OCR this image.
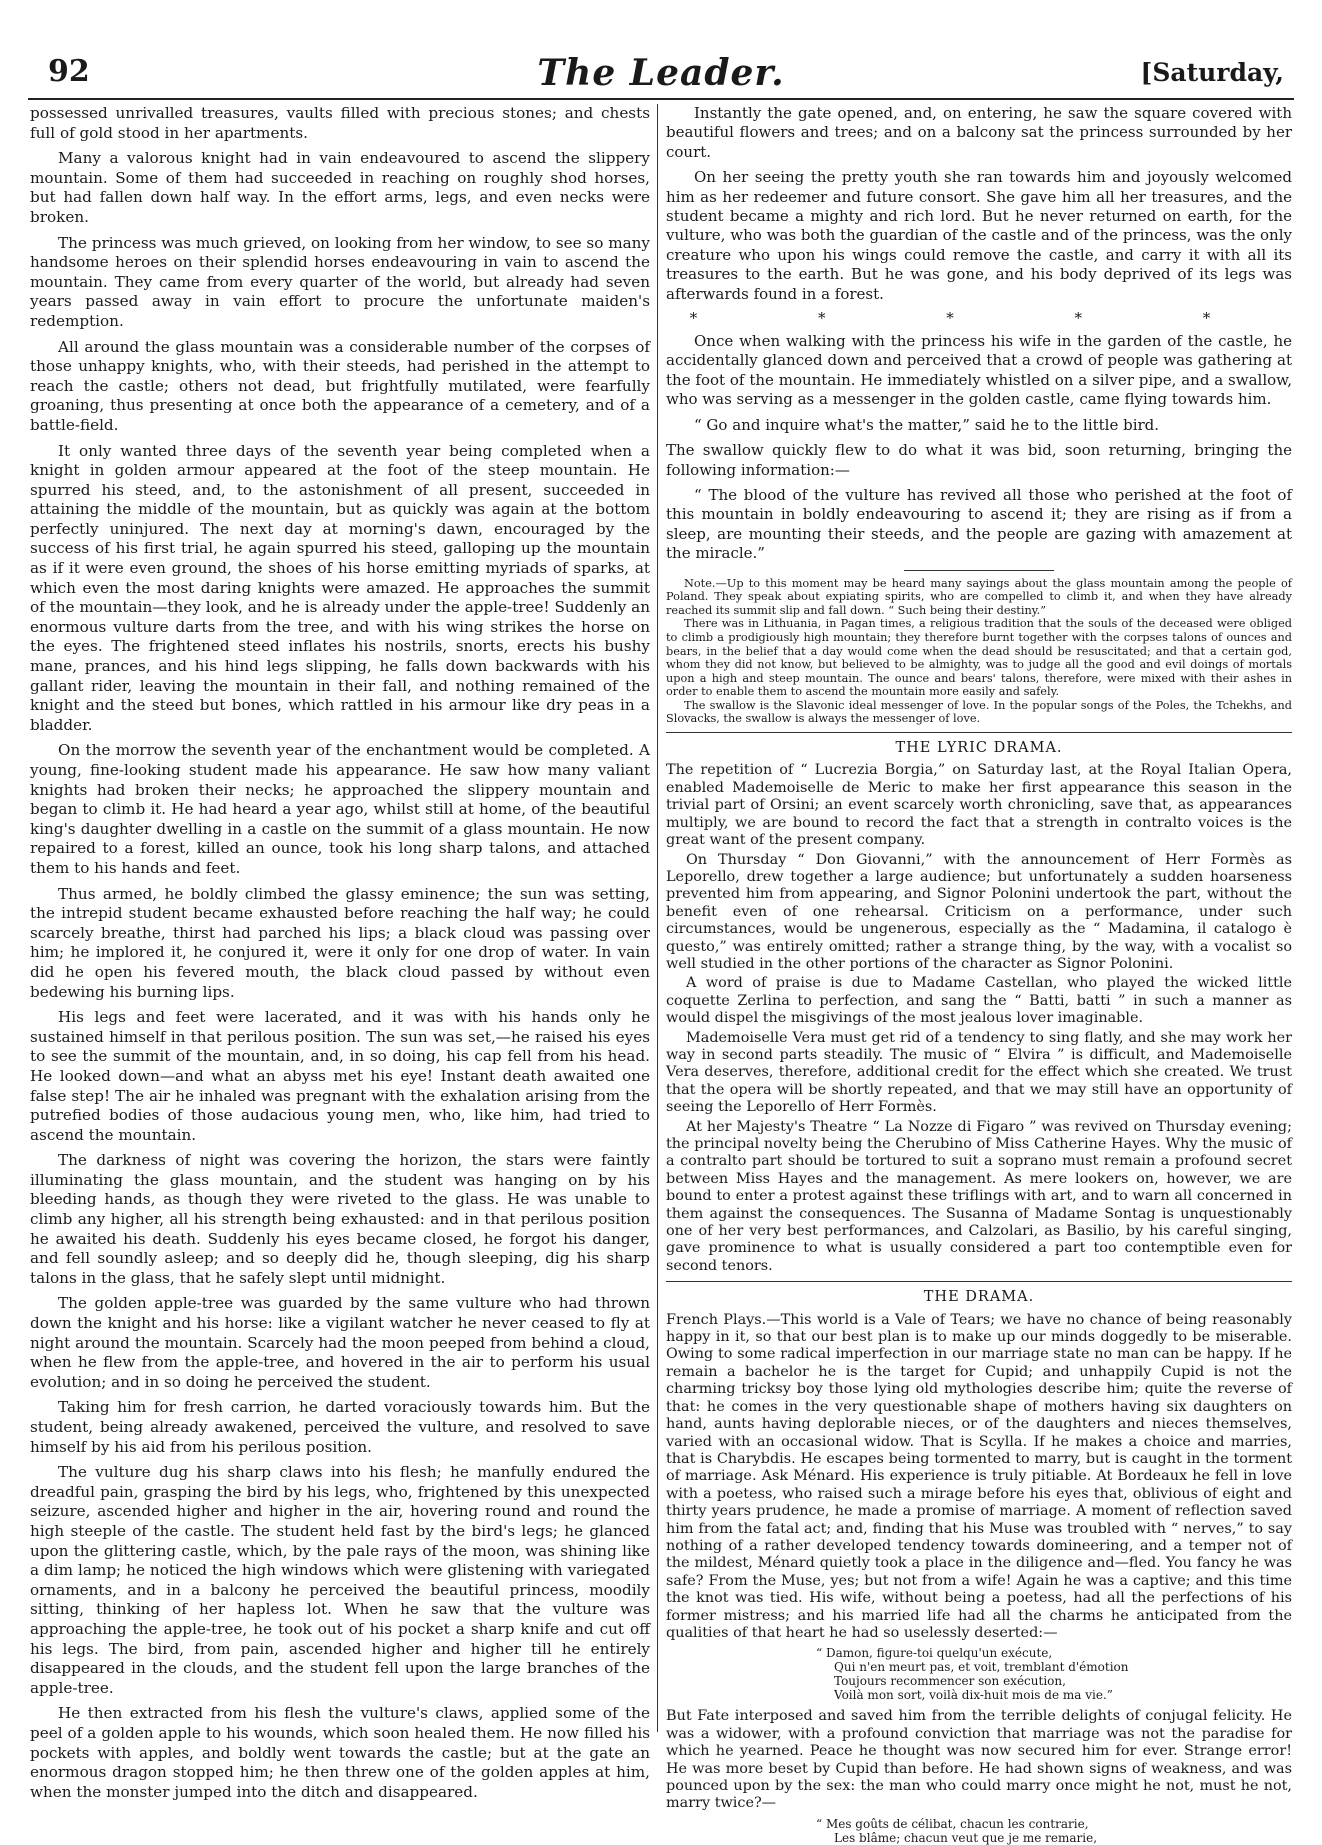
92	The Leader.	[Saturday,

possessed unrivalled treasures, vaults filled with precious stones; and chests full of gold stood in her apartments.

Many a valorous knight had in vain endeavoured to ascend the slippery mountain. Some of them had succeeded in reaching on roughly shod horses, but had fallen down half way. In the effort arms, legs, and even necks were broken.

The princess was much grieved, on looking from her window, to see so many handsome heroes on their splendid horses endeavouring in vain to ascend the mountain. They came from every quarter of the world, but already had seven years passed away in vain effort to procure the unfortunate maiden's redemption.

All around the glass mountain was a considerable number of the corpses of those unhappy knights, who, with their steeds, had perished in the attempt to reach the castle; others not dead, but frightfully mutilated, were fearfully groaning, thus presenting at once both the appearance of a cemetery, and of a battle-field.

It only wanted three days of the seventh year being completed when a knight in golden armour appeared at the foot of the steep mountain. He spurred his steed, and, to the astonishment of all present, succeeded in attaining the middle of the mountain, but as quickly was again at the bottom perfectly uninjured. The next day at morning's dawn, encouraged by the success of his first trial, he again spurred his steed, galloping up the mountain as if it were even ground, the shoes of his horse emitting myriads of sparks, at which even the most daring knights were amazed. He approaches the summit of the mountain—they look, and he is already under the apple-tree! Suddenly an enormous vulture darts from the tree, and with his wing strikes the horse on the eyes. The frightened steed inflates his nostrils, snorts, erects his bushy mane, prances, and his hind legs slipping, he falls down backwards with his gallant rider, leaving the mountain in their fall, and nothing remained of the knight and the steed but bones, which rattled in his armour like dry peas in a bladder.

On the morrow the seventh year of the enchantment would be completed. A young, fine-looking student made his appearance. He saw how many valiant knights had broken their necks; he approached the slippery mountain and began to climb it. He had heard a year ago, whilst still at home, of the beautiful king's daughter dwelling in a castle on the summit of a glass mountain. He now repaired to a forest, killed an ounce, took his long sharp talons, and attached them to his hands and feet.

Thus armed, he boldly climbed the glassy eminence; the sun was setting, the intrepid student became exhausted before reaching the half way; he could scarcely breathe, thirst had parched his lips; a black cloud was passing over him; he implored it, he conjured it, were it only for one drop of water. In vain did he open his fevered mouth, the black cloud passed by without even bedewing his burning lips.

His legs and feet were lacerated, and it was with his hands only he sustained himself in that perilous position. The sun was set,—he raised his eyes to see the summit of the mountain, and, in so doing, his cap fell from his head. He looked down—and what an abyss met his eye! Instant death awaited one false step! The air he inhaled was pregnant with the exhalation arising from the putrefied bodies of those audacious young men, who, like him, had tried to ascend the mountain.

The darkness of night was covering the horizon, the stars were faintly illuminating the glass mountain, and the student was hanging on by his bleeding hands, as though they were riveted to the glass. He was unable to climb any higher, all his strength being exhausted: and in that perilous position he awaited his death. Suddenly his eyes became closed, he forgot his danger, and fell soundly asleep; and so deeply did he, though sleeping, dig his sharp talons in the glass, that he safely slept until midnight.

The golden apple-tree was guarded by the same vulture who had thrown down the knight and his horse: like a vigilant watcher he never ceased to fly at night around the mountain. Scarcely had the moon peeped from behind a cloud, when he flew from the apple-tree, and hovered in the air to perform his usual evolution; and in so doing he perceived the student.

Taking him for fresh carrion, he darted voraciously towards him. But the student, being already awakened, perceived the vulture, and resolved to save himself by his aid from his perilous position.

The vulture dug his sharp claws into his flesh; he manfully endured the dreadful pain, grasping the bird by his legs, who, frightened by this unexpected seizure, ascended higher and higher in the air, hovering round and round the high steeple of the castle. The student held fast by the bird's legs; he glanced upon the glittering castle, which, by the pale rays of the moon, was shining like a dim lamp; he noticed the high windows which were glistening with variegated ornaments, and in a balcony he perceived the beautiful princess, moodily sitting, thinking of her hapless lot. When he saw that the vulture was approaching the apple-tree, he took out of his pocket a sharp knife and cut off his legs. The bird, from pain, ascended higher and higher till he entirely disappeared in the clouds, and the student fell upon the large branches of the apple-tree.

He then extracted from his flesh the vulture's claws, applied some of the peel of a golden apple to his wounds, which soon healed them. He now filled his pockets with apples, and boldly went towards the castle; but at the gate an enormous dragon stopped him; he then threw one of the golden apples at him, when the monster jumped into the ditch and disappeared.

Instantly the gate opened, and, on entering, he saw the square covered with beautiful flowers and trees; and on a balcony sat the princess surrounded by her court.

On her seeing the pretty youth she ran towards him and joyously welcomed him as her redeemer and future consort. She gave him all her treasures, and the student became a mighty and rich lord. But he never returned on earth, for the vulture, who was both the guardian of the castle and of the princess, was the only creature who upon his wings could remove the castle, and carry it with all its treasures to the earth. But he was gone, and his body deprived of its legs was afterwards found in a forest.

* * * * *

Once when walking with the princess his wife in the garden of the castle, he accidentally glanced down and perceived that a crowd of people was gathering at the foot of the mountain. He immediately whistled on a silver pipe, and a swallow, who was serving as a messenger in the golden castle, came flying towards him.

“ Go and inquire what's the matter,” said he to the little bird.

The swallow quickly flew to do what it was bid, soon returning, bringing the following information:—

“ The blood of the vulture has revived all those who perished at the foot of this mountain in boldly endeavouring to ascend it; they are rising as if from a sleep, are mounting their steeds, and the people are gazing with amazement at the miracle.”

Note.—Up to this moment may be heard many sayings about the glass mountain among the people of Poland. They speak about expiating spirits, who are compelled to climb it, and when they have already reached its summit slip and fall down. “ Such being their destiny.”

There was in Lithuania, in Pagan times, a religious tradition that the souls of the deceased were obliged to climb a prodigiously high mountain; they therefore burnt together with the corpses talons of ounces and bears, in the belief that a day would come when the dead should be resuscitated; and that a certain god, whom they did not know, but believed to be almighty, was to judge all the good and evil doings of mortals upon a high and steep mountain. The ounce and bears' talons, therefore, were mixed with their ashes in order to enable them to ascend the mountain more easily and safely.

The swallow is the Slavonic ideal messenger of love. In the popular songs of the Poles, the Tchekhs, and Slovacks, the swallow is always the messenger of love.

THE LYRIC DRAMA.

The repetition of “ Lucrezia Borgia,” on Saturday last, at the Royal Italian Opera, enabled Mademoiselle de Meric to make her first appearance this season in the trivial part of Orsini; an event scarcely worth chronicling, save that, as appearances multiply, we are bound to record the fact that a strength in contralto voices is the great want of the present company.

On Thursday “ Don Giovanni,” with the announcement of Herr Formès as Leporello, drew together a large audience; but unfortunately a sudden hoarseness prevented him from appearing, and Signor Polonini undertook the part, without the benefit even of one rehearsal. Criticism on a performance, under such circumstances, would be ungenerous, especially as the “ Madamina, il catalogo è questo,” was entirely omitted; rather a strange thing, by the way, with a vocalist so well studied in the other portions of the character as Signor Polonini.

A word of praise is due to Madame Castellan, who played the wicked little coquette Zerlina to perfection, and sang the “ Batti, batti ” in such a manner as would dispel the misgivings of the most jealous lover imaginable.

Mademoiselle Vera must get rid of a tendency to sing flatly, and she may work her way in second parts steadily. The music of “ Elvira ” is difficult, and Mademoiselle Vera deserves, therefore, additional credit for the effect which she created. We trust that the opera will be shortly repeated, and that we may still have an opportunity of seeing the Leporello of Herr Formès.

At her Majesty's Theatre “ La Nozze di Figaro ” was revived on Thursday evening; the principal novelty being the Cherubino of Miss Catherine Hayes. Why the music of a contralto part should be tortured to suit a soprano must remain a profound secret between Miss Hayes and the management. As mere lookers on, however, we are bound to enter a protest against these triflings with art, and to warn all concerned in them against the consequences. The Susanna of Madame Sontag is unquestionably one of her very best performances, and Calzolari, as Basilio, by his careful singing, gave prominence to what is usually considered a part too contemptible even for second tenors.

THE DRAMA.

French Plays.—This world is a Vale of Tears; we have no chance of being reasonably happy in it, so that our best plan is to make up our minds doggedly to be miserable. Owing to some radical imperfection in our marriage state no man can be happy. If he remain a bachelor he is the target for Cupid; and unhappily Cupid is not the charming tricksy boy those lying old mythologies describe him; quite the reverse of that: he comes in the very questionable shape of mothers having six daughters on hand, aunts having deplorable nieces, or of the daughters and nieces themselves, varied with an occasional widow. That is Scylla. If he makes a choice and marries, that is Charybdis. He escapes being tormented to marry, but is caught in the torment of marriage. Ask Ménard. His experience is truly pitiable. At Bordeaux he fell in love with a poetess, who raised such a mirage before his eyes that, oblivious of eight and thirty years prudence, he made a promise of marriage. A moment of reflection saved him from the fatal act; and, finding that his Muse was troubled with “ nerves,” to say nothing of a rather developed tendency towards domineering, and a temper not of the mildest, Ménard quietly took a place in the diligence and—fled. You fancy he was safe? From the Muse, yes; but not from a wife! Again he was a captive; and this time the knot was tied. His wife, without being a poetess, had all the perfections of his former mistress; and his married life had all the charms he anticipated from the qualities of that heart he had so uselessly deserted:—

“ Damon, figure-toi quelqu'un exécute,
Qui n'en meurt pas, et voit, tremblant d'émotion
Toujours recommencer son exécution,
Voilà mon sort, voilà dix-huit mois de ma vie.”

But Fate interposed and saved him from the terrible delights of conjugal felicity. He was a widower, with a profound conviction that marriage was not the paradise for which he yearned. Peace he thought was now secured him for ever. Strange error! He was more beset by Cupid than before. He had shown signs of weakness, and was pounced upon by the sex: the man who could marry once might he not, must he not, marry twice?—

“ Mes goûts de célibat, chacun les contrarie,
Les blâme; chacun veut que je me remarie,
